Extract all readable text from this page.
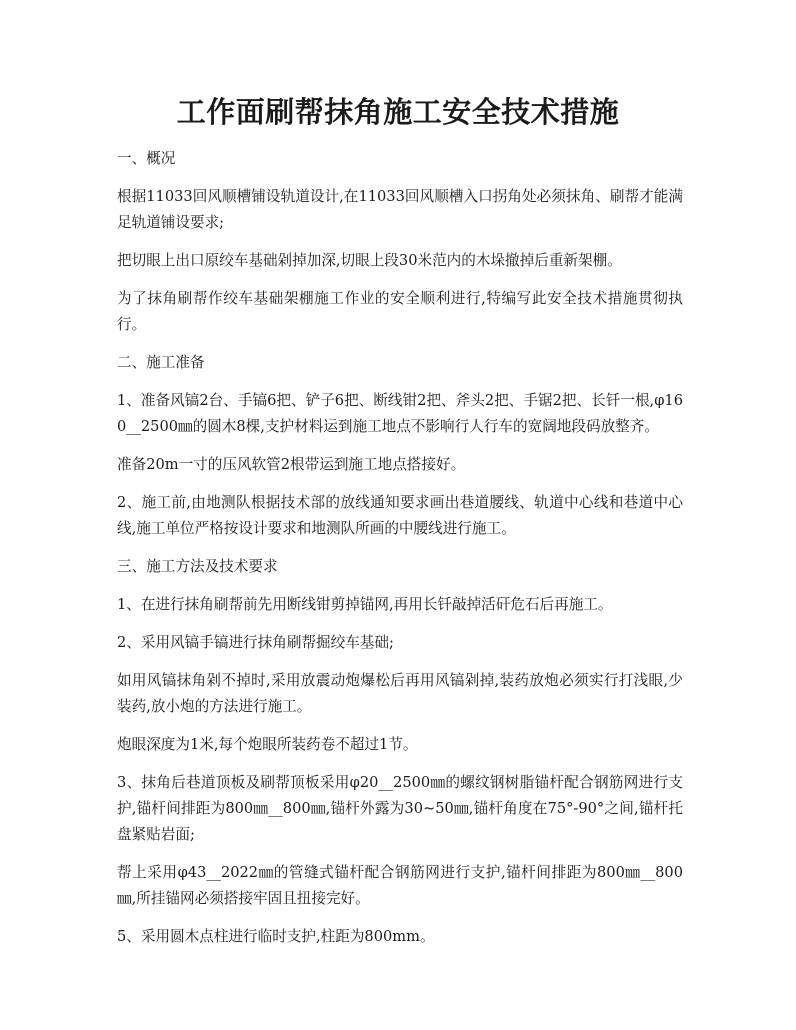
工作面刷帮抹角施工安全技术措施

一、概况

根据11033回风顺槽铺设轨道设计,在11033回风顺槽入口拐角处必须抹角、刷帮才能满足轨道铺设要求;

把切眼上出口原绞车基础剁掉加深,切眼上段30米范内的木垛撤掉后重新架棚。

为了抹角刷帮作绞车基础架棚施工作业的安全顺利进行,特编写此安全技术措施贯彻执行。

二、施工准备

1、准备风镐2台、手镐6把、铲子6把、断线钳2把、斧头2把、手锯2把、长钎一根,φ160__2500㎜的圆木8棵,支护材料运到施工地点不影响行人行车的宽阔地段码放整齐。

准备20m一寸的压风软管2根带运到施工地点搭接好。

2、施工前,由地测队根据技术部的放线通知要求画出巷道腰线、轨道中心线和巷道中心线,施工单位严格按设计要求和地测队所画的中腰线进行施工。

三、施工方法及技术要求

1、在进行抹角刷帮前先用断线钳剪掉锚网,再用长钎敲掉活矸危石后再施工。

2、采用风镐手镐进行抹角刷帮掘绞车基础;

如用风镐抹角剁不掉时,采用放震动炮爆松后再用风镐剁掉,装药放炮必须实行打浅眼,少装药,放小炮的方法进行施工。

炮眼深度为1米,每个炮眼所装药卷不超过1节。

3、抹角后巷道顶板及刷帮顶板采用φ20__2500㎜的螺纹钢树脂锚杆配合钢筋网进行支护,锚杆间排距为800㎜__800㎜,锚杆外露为30~50㎜,锚杆角度在75°-90°之间,锚杆托盘紧贴岩面;

帮上采用φ43__2022㎜的管缝式锚杆配合钢筋网进行支护,锚杆间排距为800㎜__800㎜,所挂锚网必须搭接牢固且扭接完好。

5、采用圆木点柱进行临时支护,柱距为800mm。
